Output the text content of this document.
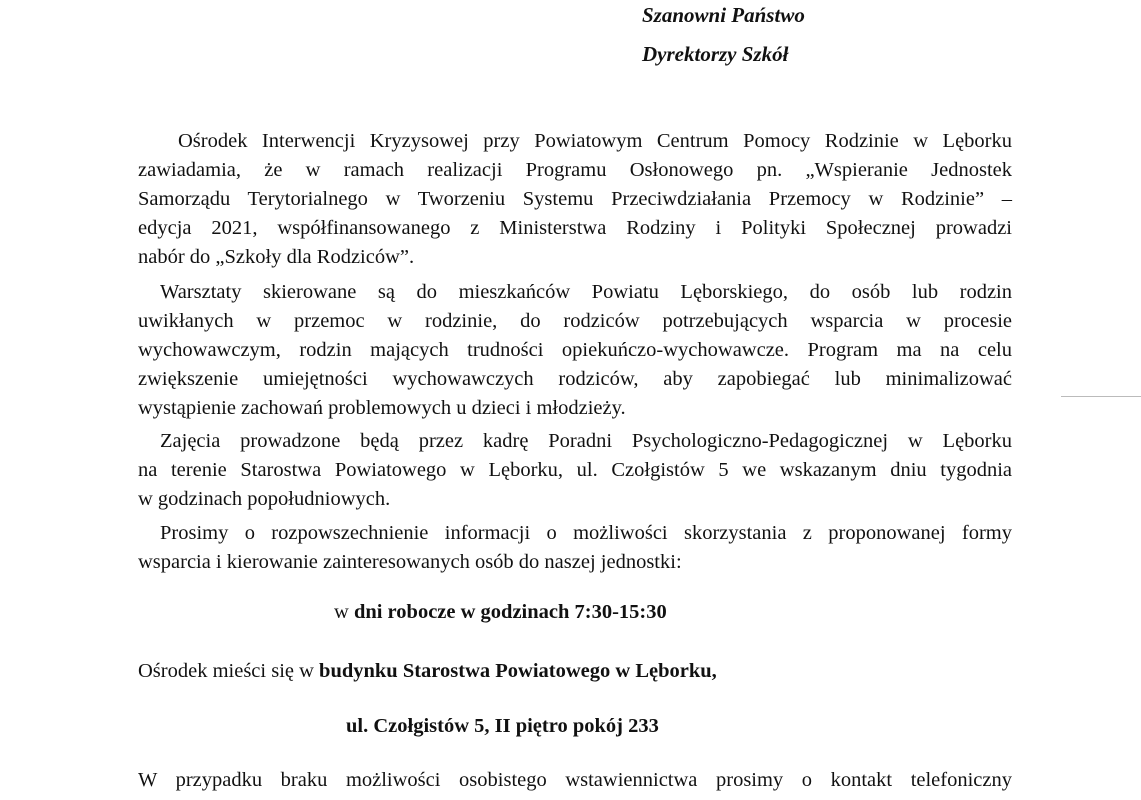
Szanowni Państwo
Dyrektorzy Szkół
Ośrodek Interwencji Kryzysowej przy Powiatowym Centrum Pomocy Rodzinie w Lęborku
zawiadamia, że w ramach realizacji Programu Osłonowego pn. „Wspieranie Jednostek
Samorządu Terytorialnego w Tworzeniu Systemu Przeciwdziałania Przemocy w Rodzinie” –
edycja 2021, współfinansowanego z Ministerstwa Rodziny i Polityki Społecznej prowadzi
nabór do „Szkoły dla Rodziców”.
Warsztaty skierowane są do mieszkańców Powiatu Lęborskiego, do osób lub rodzin
uwikłanych w przemoc w rodzinie, do rodziców potrzebujących wsparcia w procesie
wychowawczym, rodzin mających trudności opiekuńczo-wychowawcze. Program ma na celu
zwiększenie umiejętności wychowawczych rodziców, aby zapobiegać lub minimalizować
wystąpienie zachowań problemowych u dzieci i młodzieży.
Zajęcia prowadzone będą przez kadrę Poradni Psychologiczno-Pedagogicznej w Lęborku
na terenie Starostwa Powiatowego w Lęborku, ul. Czołgistów 5 we wskazanym dniu tygodnia
w godzinach popołudniowych.
Prosimy o rozpowszechnienie informacji o możliwości skorzystania z proponowanej formy
wsparcia i kierowanie zainteresowanych osób do naszej jednostki:
w dni robocze w godzinach 7:30-15:30
Ośrodek mieści się w budynku Starostwa Powiatowego w Lęborku,
ul. Czołgistów 5, II piętro pokój 233
W przypadku braku możliwości osobistego wstawiennictwa prosimy o kontakt telefoniczny
